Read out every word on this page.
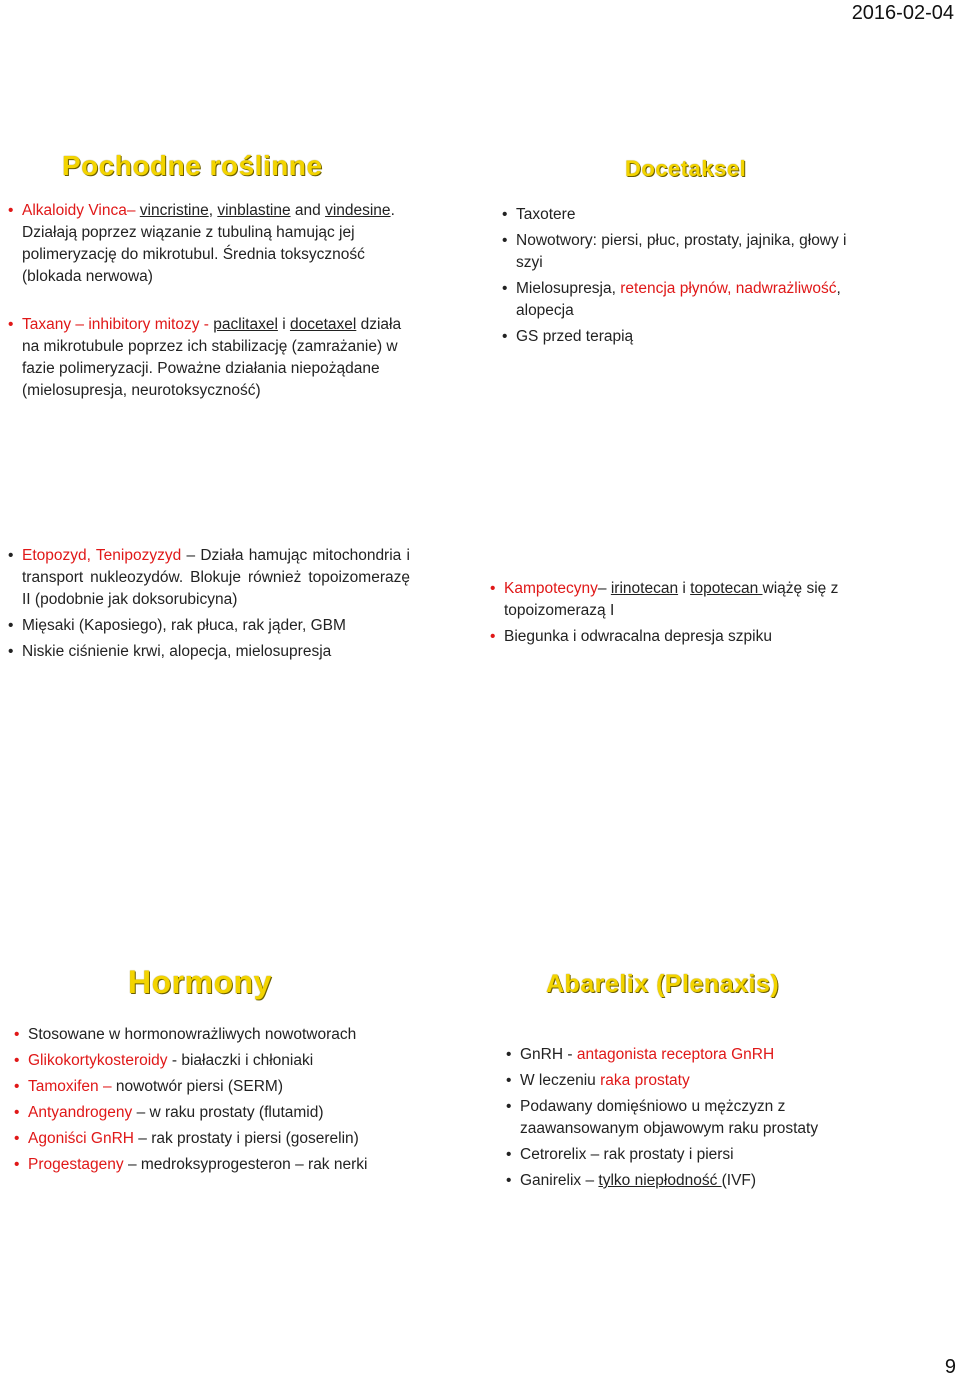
2016-02-04
Pochodne roślinne
• Alkaloidy Vinca– vincristine, vinblastine and vindesine. Działają poprzez wiązanie z tubuliną hamując jej polimeryzację do mikrotubul. Średnia toksyczność (blokada nerwowa)
• Taxany – inhibitory mitozy - paclitaxel i docetaxel działa na mikrotubule poprzez ich stabilizację (zamrażanie) w fazie polimeryzacji. Poważne działania niepożądane (mielosupresja, neurotoksyczność)
Docetaksel
• Taxotere
• Nowotwory: piersi, płuc, prostaty, jajnika, głowy i szyi
• Mielosupresja, retencja płynów, nadwrażliwość, alopecja
• GS przed terapią
• Etopozyd, Tenipozyzyd – Działa hamując mitochondria i transport nukleozydów. Blokuje również topoizomerazę II (podobnie jak doksorubicyna)
• Mięsaki (Kaposiego), rak płuca, rak jąder, GBM
• Niskie ciśnienie krwi, alopecja, mielosupresja
• Kampotecyny– irinotecan i topotecan wiążę się z topoizomerazą I
• Biegunka i odwracalna depresja szpiku
Hormony
• Stosowane w hormonowrażliwych nowotworach
• Glikokortykosteroidy - białaczki i chłoniaki
• Tamoxifen – nowotwór piersi (SERM)
• Antyandrogeny – w raku prostaty (flutamid)
• Agoniści GnRH – rak prostaty i piersi (goserelin)
• Progestageny – medroksyprogesteron – rak nerki
Abarelix (Plenaxis)
• GnRH - antagonista receptora GnRH
• W leczeniu raka prostaty
• Podawany domięśniowo u mężczyzn z zaawansowanym objawowym raku prostaty
• Cetrorelix – rak prostaty i piersi
• Ganirelix – tylko niepłodność (IVF)
9
